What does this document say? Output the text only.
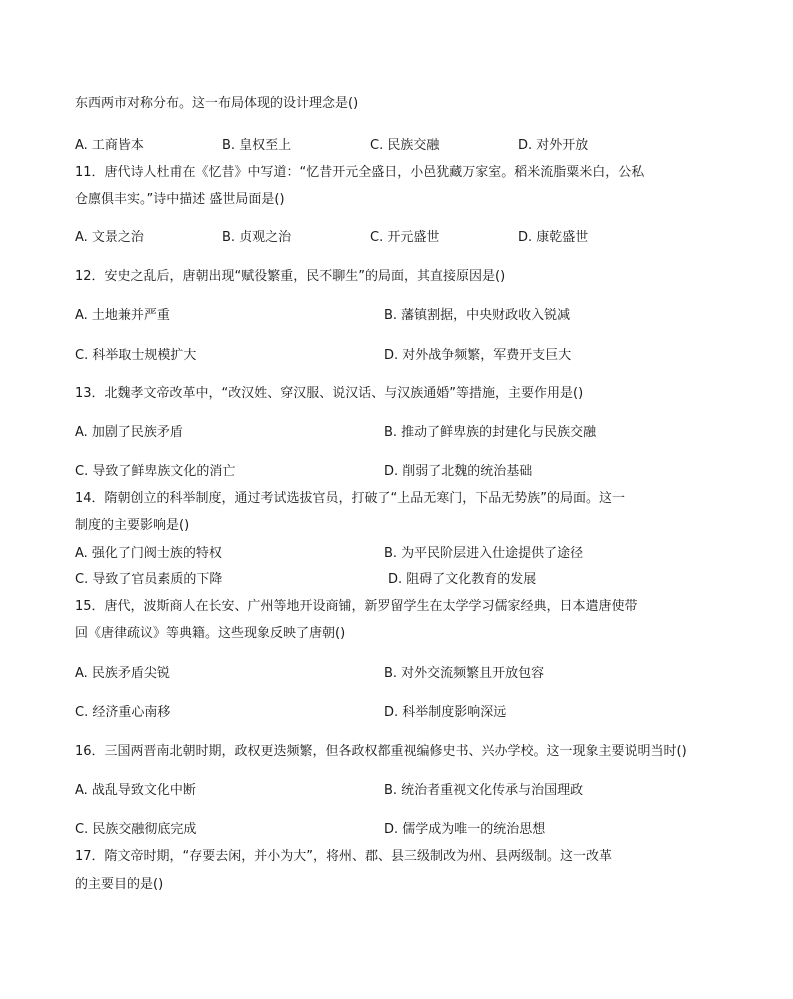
东西两市对称分布。这一布局体现的设计理念是()
A. 工商皆本	B. 皇权至上	C. 民族交融	D. 对外开放
11．唐代诗人杜甫在《忆昔》中写道：“忆昔开元全盛日，小邑犹藏万家室。稻米流脂粟米白，公私
仓廪俱丰实。”诗中描述 盛世局面是()
A. 文景之治	B. 贞观之治	C. 开元盛世	D. 康乾盛世
12．安史之乱后，唐朝出现“赋役繁重，民不聊生”的局面，其直接原因是()
A. 土地兼并严重	B. 藩镇割据，中央财政收入锐减
C. 科举取士规模扩大	D. 对外战争频繁，军费开支巨大
13．北魏孝文帝改革中，“改汉姓、穿汉服、说汉话、与汉族通婚”等措施，主要作用是()
A. 加剧了民族矛盾	B. 推动了鲜卑族的封建化与民族交融
C. 导致了鲜卑族文化的消亡	D. 削弱了北魏的统治基础
14．隋朝创立的科举制度，通过考试选拔官员，打破了“上品无寒门，下品无势族”的局面。这一
制度的主要影响是()
A. 强化了门阀士族的特权	B. 为平民阶层进入仕途提供了途径
C. 导致了官员素质的下降	D. 阻碍了文化教育的发展
15．唐代，波斯商人在长安、广州等地开设商铺，新罗留学生在太学学习儒家经典，日本遣唐使带
回《唐律疏议》等典籍。这些现象反映了唐朝()
A. 民族矛盾尖锐	B. 对外交流频繁且开放包容
C. 经济重心南移	D. 科举制度影响深远
16．三国两晋南北朝时期，政权更迭频繁，但各政权都重视编修史书、兴办学校。这一现象主要说明当时()
A. 战乱导致文化中断	B. 统治者重视文化传承与治国理政
C. 民族交融彻底完成	D. 儒学成为唯一的统治思想
17．隋文帝时期，“存要去闲，并小为大”，将州、郡、县三级制改为州、县两级制。这一改革
的主要目的是()
